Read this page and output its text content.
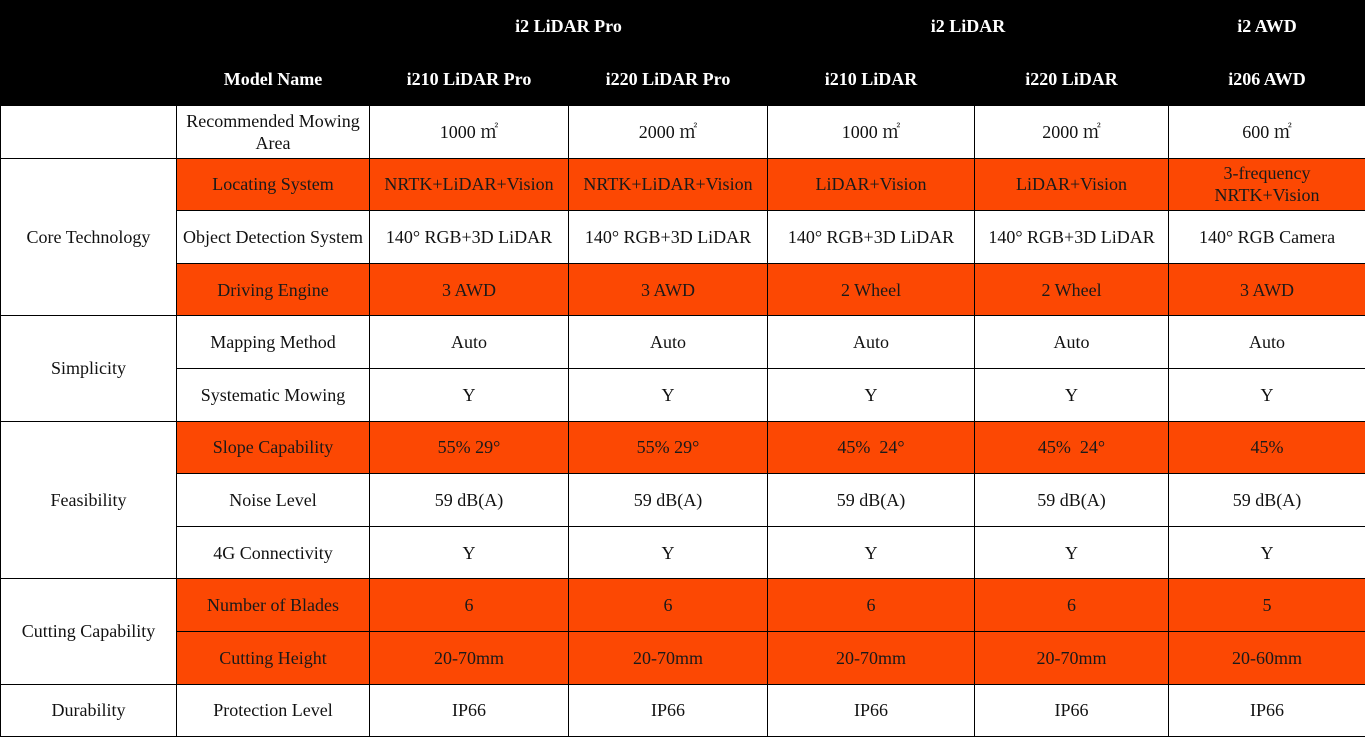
		i2 LiDAR Pro		i2 LiDAR		i2 AWD
	Model Name	i210 LiDAR Pro	i220 LiDAR Pro	i210 LiDAR	i220 LiDAR	i206 AWD
	Recommended Mowing Area	1000 ㎡	2000 ㎡	1000 ㎡	2000 ㎡	600 ㎡
Core Technology	Locating System	NRTK+LiDAR+Vision	NRTK+LiDAR+Vision	LiDAR+Vision	LiDAR+Vision	3-frequency NRTK+Vision
	Object Detection System	140° RGB+3D LiDAR	140° RGB+3D LiDAR	140° RGB+3D LiDAR	140° RGB+3D LiDAR	140° RGB Camera
	Driving Engine	3 AWD	3 AWD	2 Wheel	2 Wheel	3 AWD
Simplicity	Mapping Method	Auto	Auto	Auto	Auto	Auto
	Systematic Mowing	Y	Y	Y	Y	Y
Feasibility	Slope Capability	55% 29°	55% 29°	45%  24°	45%  24°	45%
	Noise Level	59 dB(A)	59 dB(A)	59 dB(A)	59 dB(A)	59 dB(A)
	4G Connectivity	Y	Y	Y	Y	Y
Cutting Capability	Number of Blades	6	6	6	6	5
	Cutting Height	20-70mm	20-70mm	20-70mm	20-70mm	20-60mm
Durability	Protection Level	IP66	IP66	IP66	IP66	IP66
